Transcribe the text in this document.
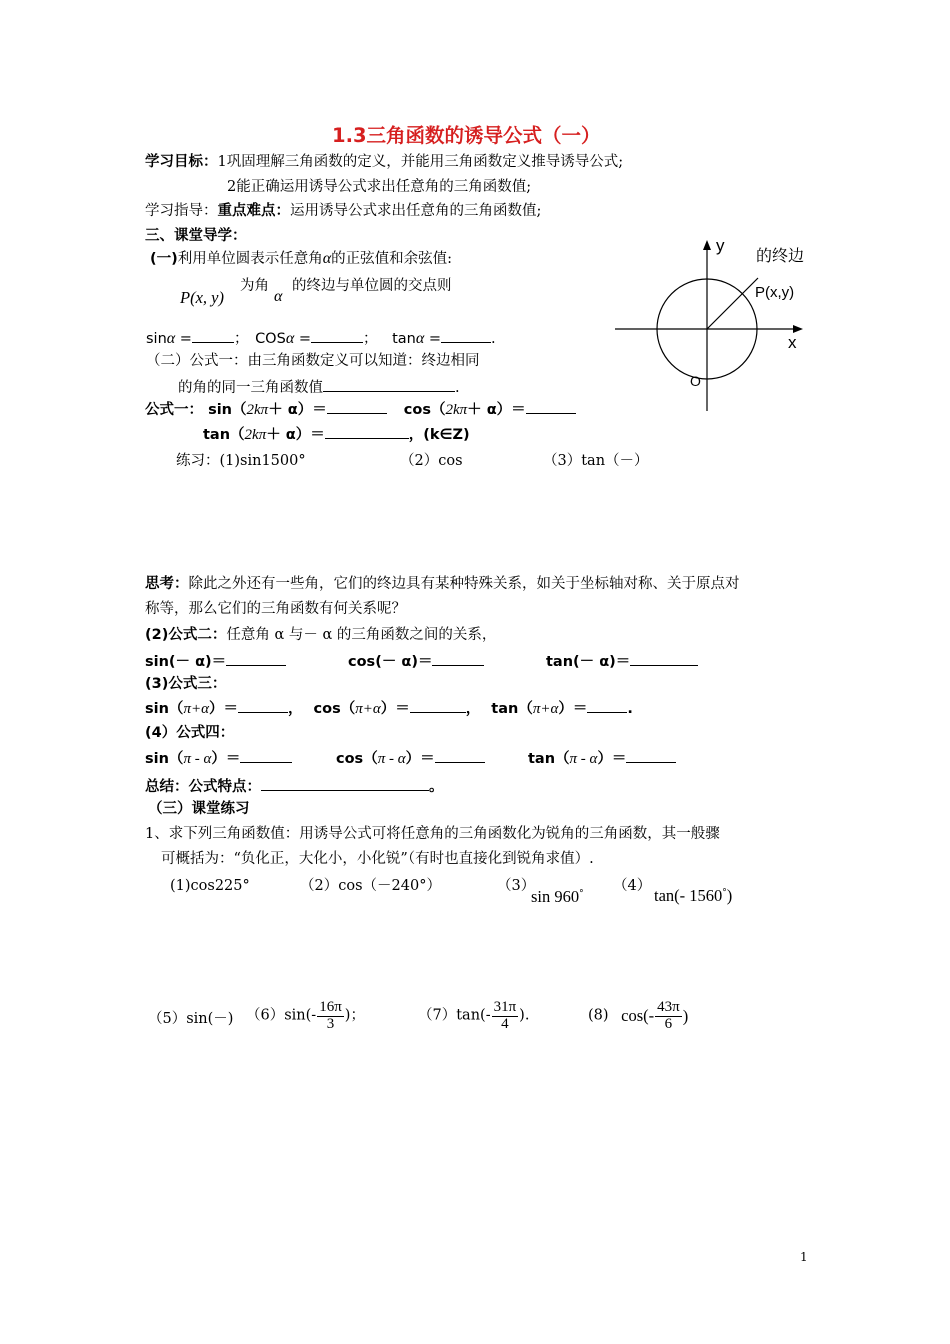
1.3三角函数的诱导公式（一）
学习目标：1巩固理解三角函数的定义，并能用三角函数定义推导诱导公式;
2能正确运用诱导公式求出任意角的三角函数值;
学习指导：重点难点：运用诱导公式求出任意角的三角函数值;
三、课堂导学：
(一)利用单位圆表示任意角α的正弦值和余弦值:
P(x, y)
为角
α
的终边与单位圆的交点则
sinα =	； COSα =	； tanα =	.
（二）公式一：由三角函数定义可以知道：终边相同
的角的同一三角函数值	.
y
x
O
P(x,y)
的终边
公式一： sin（2kπ＋ α）＝	cos（2kπ＋ α）＝
tan（2kπ＋ α）＝	，(k∈Z)
练习：(1)sin1500°	（2）cos	（3）tan（－）
思考：除此之外还有一些角，它们的终边具有某种特殊关系，如关于坐标轴对称、关于原点对
称等，那么它们的三角函数有何关系呢？
(2)公式二：任意角 α 与－ α 的三角函数之间的关系，
sin(－ α)＝	cos(－ α)＝	tan(－ α)＝
(3)公式三：
sin（π+α）＝	， cos（π+α）＝	， tan（π+α）＝	.
(4）公式四：
sin（π - α）＝	cos（π - α）＝	tan（π - α）＝
总结：公式特点：	。
（三）课堂练习
1、求下列三角函数值：用诱导公式可将任意角的三角函数化为锐角的三角函数，其一般骤
可概括为：“负化正，大化小，小化锐”（有时也直接化到锐角求值）.
(1)cos225°	（2）cos（－240°）	（3）
sin 960°
（4） tan(- 1560°)
（5）sin(－) $(6)\sin(- \frac{16\pi}{3}$ )；	$(7)\tan(- \frac{31\pi}{4}$ ).	(8) $\cos(- \frac{43\pi}{6}$ )
1
